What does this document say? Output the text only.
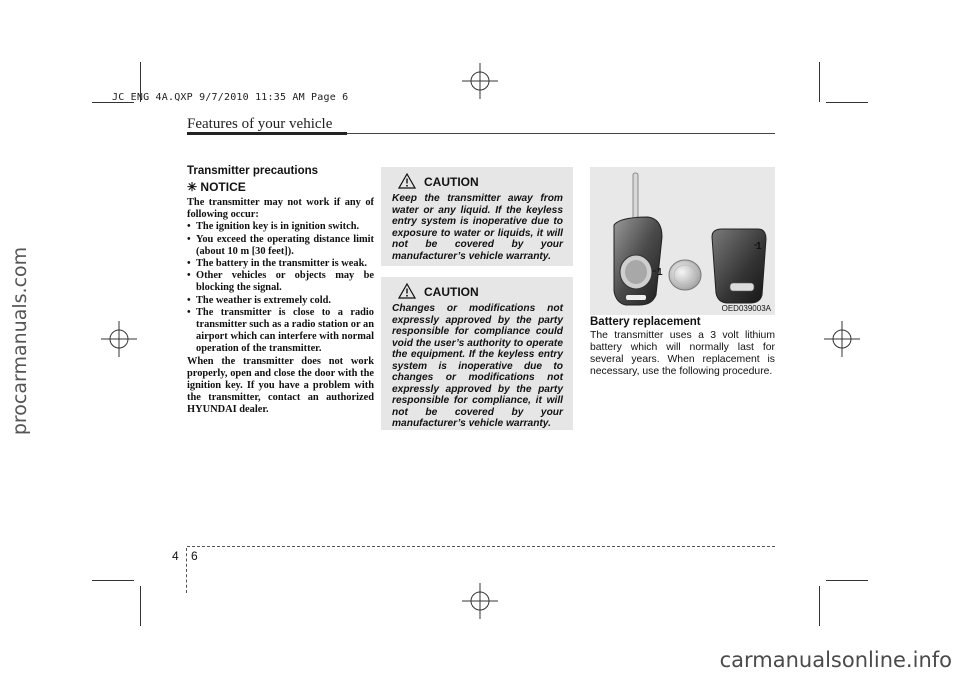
JC ENG 4A.QXP 9/7/2010 11:35 AM Page 6
procarmanuals.com
carmanualsonline.info
Features of your vehicle
Transmitter precautions
✳ NOTICE

The transmitter may not work if any of following occur:

• The ignition key is in ignition switch.
• You exceed the operating distance limit (about 10 m [30 feet]).
• The battery in the transmitter is weak.
• Other vehicles or objects may be blocking the signal.
• The weather is extremely cold.
• The transmitter is close to a radio transmitter such as a radio station or an airport which can interfere with normal operation of the transmitter.

When the transmitter does not work properly, open and close the door with the ignition key. If you have a problem with the transmitter, contact an authorized HYUNDAI dealer.

CAUTION

Keep the transmitter away from water or any liquid. If the keyless entry system is inoperative due to exposure to water or liquids, it will not be covered by your manufacturer’s vehicle warranty.

CAUTION

Changes or modifications not expressly approved by the party responsible for compliance could void the user’s authority to operate the equipment. If the keyless entry system is inoperative due to changes or modifications not expressly approved by the party responsible for compliance, it will not be covered by your manufacturer’s vehicle warranty.

1
1
OED039003A
Battery replacement

The transmitter uses a 3 volt lithium battery which will normally last for several years. When replacement is necessary, use the following procedure.

4 6
